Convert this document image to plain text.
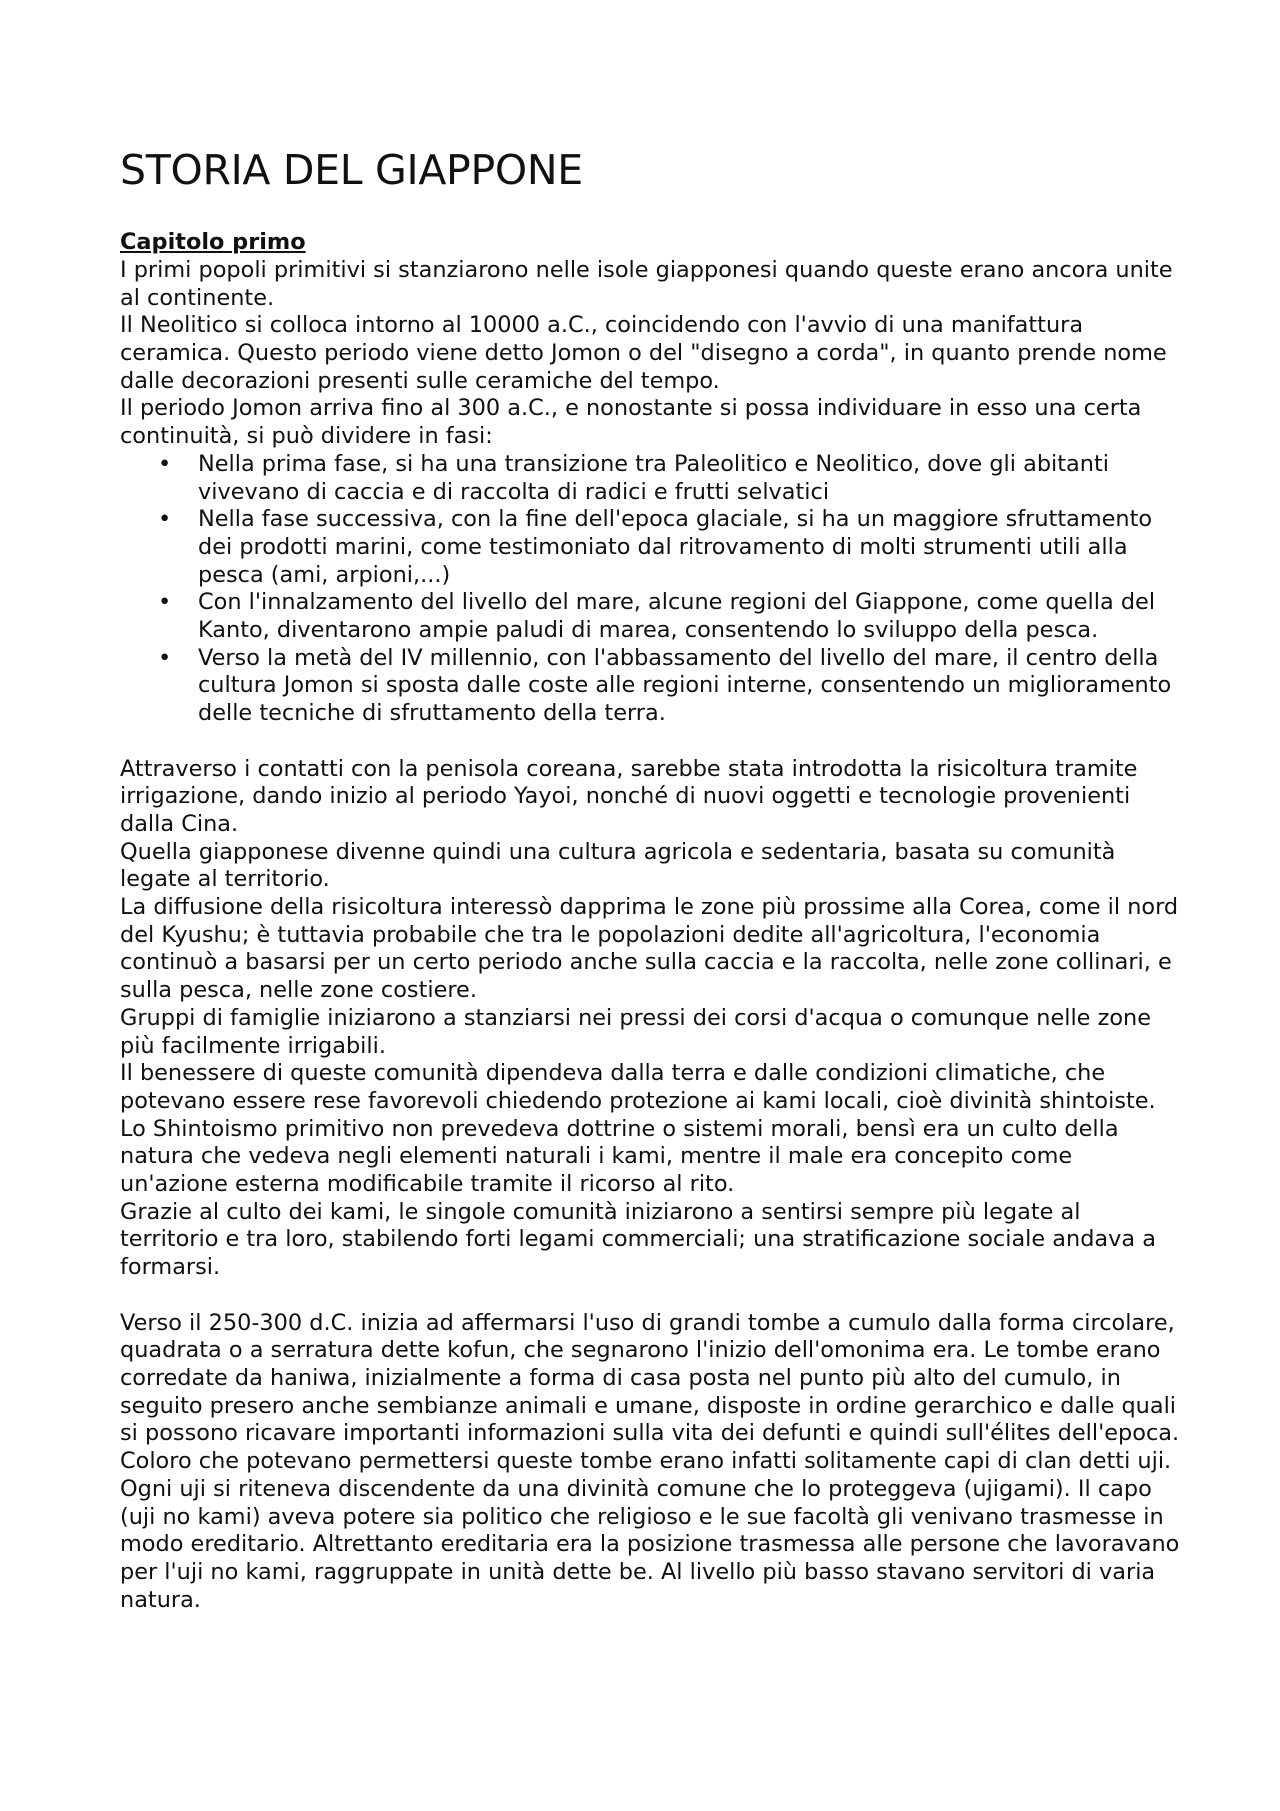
STORIA DEL GIAPPONE

Capitolo primo

I primi popoli primitivi si stanziarono nelle isole giapponesi quando queste erano ancora unite al continente.

Il Neolitico si colloca intorno al 10000 a.C., coincidendo con l'avvio di una manifattura ceramica. Questo periodo viene detto Jomon o del "disegno a corda", in quanto prende nome dalle decorazioni presenti sulle ceramiche del tempo.

Il periodo Jomon arriva fino al 300 a.C., e nonostante si possa individuare in esso una certa continuità, si può dividere in fasi:

• Nella prima fase, si ha una transizione tra Paleolitico e Neolitico, dove gli abitanti vivevano di caccia e di raccolta di radici e frutti selvatici
• Nella fase successiva, con la fine dell'epoca glaciale, si ha un maggiore sfruttamento dei prodotti marini, come testimoniato dal ritrovamento di molti strumenti utili alla pesca (ami, arpioni,...)
• Con l'innalzamento del livello del mare, alcune regioni del Giappone, come quella del Kanto, diventarono ampie paludi di marea, consentendo lo sviluppo della pesca.
• Verso la metà del IV millennio, con l'abbassamento del livello del mare, il centro della cultura Jomon si sposta dalle coste alle regioni interne, consentendo un miglioramento delle tecniche di sfruttamento della terra.

Attraverso i contatti con la penisola coreana, sarebbe stata introdotta la risicoltura tramite irrigazione, dando inizio al periodo Yayoi, nonché di nuovi oggetti e tecnologie provenienti dalla Cina.

Quella giapponese divenne quindi una cultura agricola e sedentaria, basata su comunità legate al territorio.

La diffusione della risicoltura interessò dapprima le zone più prossime alla Corea, come il nord del Kyushu; è tuttavia probabile che tra le popolazioni dedite all'agricoltura, l'economia continuò a basarsi per un certo periodo anche sulla caccia e la raccolta, nelle zone collinari, e sulla pesca, nelle zone costiere.

Gruppi di famiglie iniziarono a stanziarsi nei pressi dei corsi d'acqua o comunque nelle zone più facilmente irrigabili.

Il benessere di queste comunità dipendeva dalla terra e dalle condizioni climatiche, che potevano essere rese favorevoli chiedendo protezione ai kami locali, cioè divinità shintoiste. Lo Shintoismo primitivo non prevedeva dottrine o sistemi morali, bensì era un culto della natura che vedeva negli elementi naturali i kami, mentre il male era concepito come un'azione esterna modificabile tramite il ricorso al rito.

Grazie al culto dei kami, le singole comunità iniziarono a sentirsi sempre più legate al territorio e tra loro, stabilendo forti legami commerciali; una stratificazione sociale andava a formarsi.

Verso il 250-300 d.C. inizia ad affermarsi l'uso di grandi tombe a cumulo dalla forma circolare, quadrata o a serratura dette kofun, che segnarono l'inizio dell'omonima era. Le tombe erano corredate da haniwa, inizialmente a forma di casa posta nel punto più alto del cumulo, in seguito presero anche sembianze animali e umane, disposte in ordine gerarchico e dalle quali si possono ricavare importanti informazioni sulla vita dei defunti e quindi sull'élites dell'epoca. Coloro che potevano permettersi queste tombe erano infatti solitamente capi di clan detti uji. Ogni uji si riteneva discendente da una divinità comune che lo proteggeva (ujigami). Il capo (uji no kami) aveva potere sia politico che religioso e le sue facoltà gli venivano trasmesse in modo ereditario. Altrettanto ereditaria era la posizione trasmessa alle persone che lavoravano per l'uji no kami, raggruppate in unità dette be. Al livello più basso stavano servitori di varia natura.
